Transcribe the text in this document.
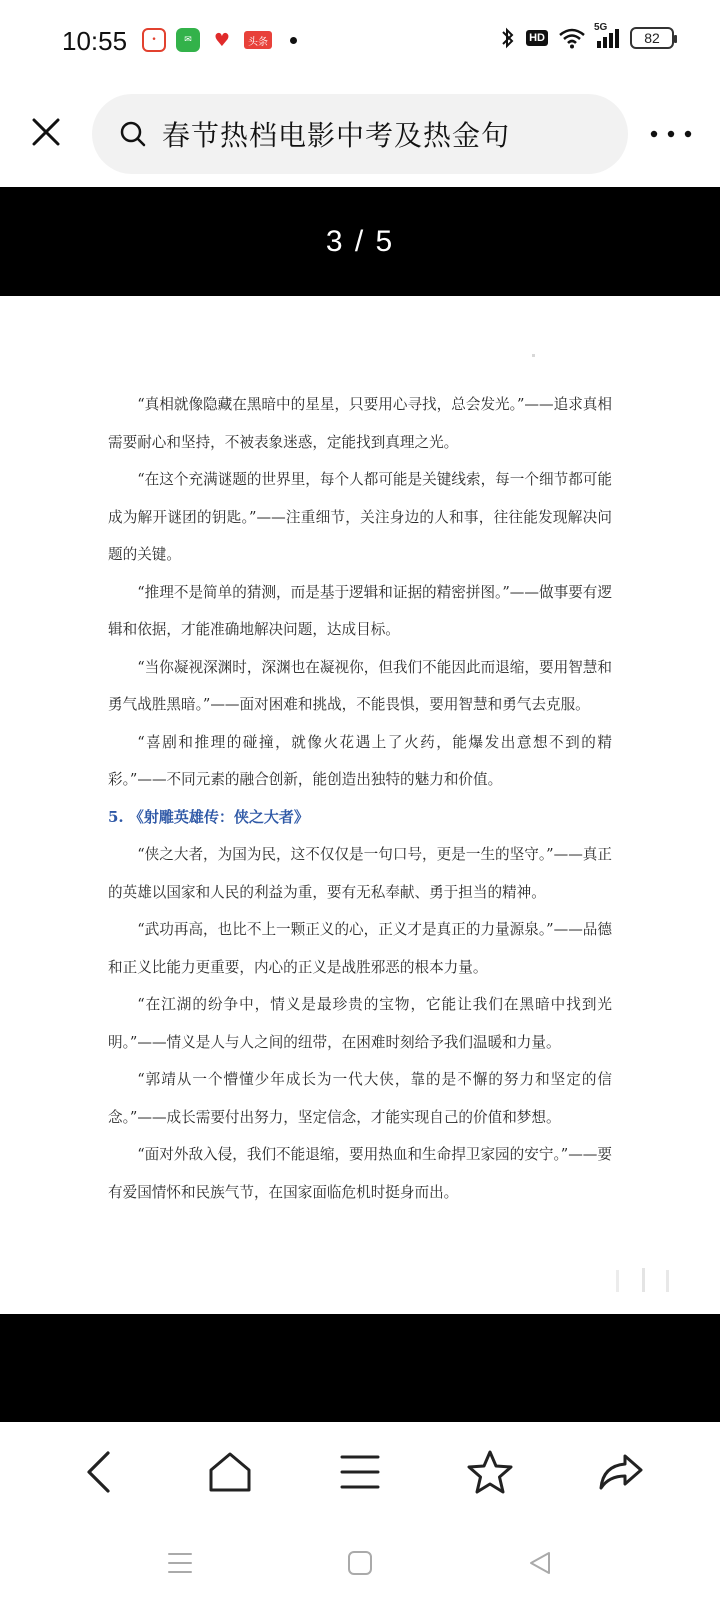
10:55	•	✉	♥	头条	HD
5G
82
春节热档电影中考及热金句
3 / 5

“真相就像隐藏在黑暗中的星星，只要用心寻找，总会发光。”——追求真相需要耐心和坚持，不被表象迷惑，定能找到真理之光。

“在这个充满谜题的世界里，每个人都可能是关键线索，每一个细节都可能成为解开谜团的钥匙。”——注重细节，关注身边的人和事，往往能发现解决问题的关键。

“推理不是简单的猜测，而是基于逻辑和证据的精密拼图。”——做事要有逻辑和依据，才能准确地解决问题，达成目标。

“当你凝视深渊时，深渊也在凝视你，但我们不能因此而退缩，要用智慧和勇气战胜黑暗。”——面对困难和挑战，不能畏惧，要用智慧和勇气去克服。

“喜剧和推理的碰撞，就像火花遇上了火药，能爆发出意想不到的精彩。”——不同元素的融合创新，能创造出独特的魅力和价值。

5. 《射雕英雄传：侠之大者》

“侠之大者，为国为民，这不仅仅是一句口号，更是一生的坚守。”——真正的英雄以国家和人民的利益为重，要有无私奉献、勇于担当的精神。

“武功再高，也比不上一颗正义的心，正义才是真正的力量源泉。”——品德和正义比能力更重要，内心的正义是战胜邪恶的根本力量。

“在江湖的纷争中，情义是最珍贵的宝物，它能让我们在黑暗中找到光明。”——情义是人与人之间的纽带，在困难时刻给予我们温暖和力量。

“郭靖从一个懵懂少年成长为一代大侠，靠的是不懈的努力和坚定的信念。”——成长需要付出努力，坚定信念，才能实现自己的价值和梦想。

“面对外敌入侵，我们不能退缩，要用热血和生命捍卫家园的安宁。”——要有爱国情怀和民族气节，在国家面临危机时挺身而出。
